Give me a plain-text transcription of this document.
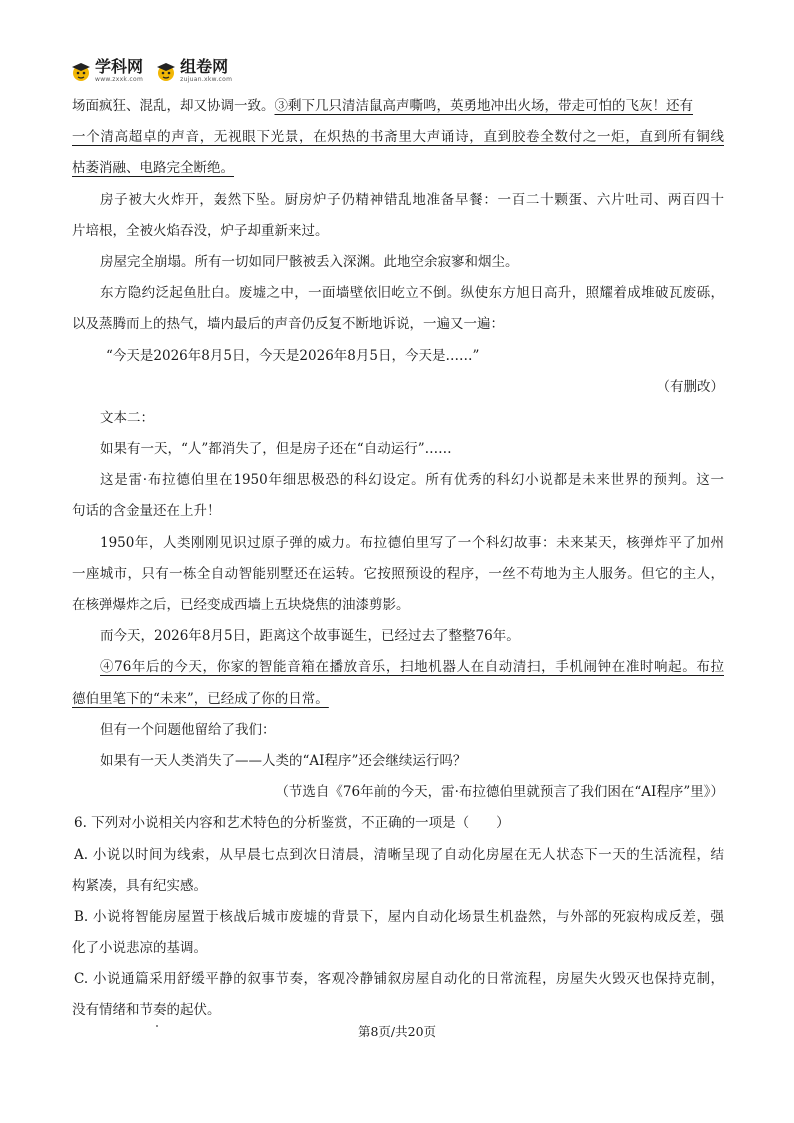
学科网
www.zxxk.com
组卷网
zujuan.xkw.com
场面疯狂、混乱，却又协调一致。③剩下几只清洁鼠高声嘶鸣，英勇地冲出火场，带走可怕的飞灰！还有
一个清高超卓的声音，无视眼下光景，在炽热的书斋里大声诵诗，直到胶卷全数付之一炬，直到所有铜线
枯萎消融、电路完全断绝。
房子被大火炸开，轰然下坠。厨房炉子仍精神错乱地准备早餐：一百二十颗蛋、六片吐司、两百四十
片培根，全被火焰吞没，炉子却重新来过。
房屋完全崩塌。所有一切如同尸骸被丢入深渊。此地空余寂寥和烟尘。
东方隐约泛起鱼肚白。废墟之中，一面墙壁依旧屹立不倒。纵使东方旭日高升，照耀着成堆破瓦废砾，
以及蒸腾而上的热气，墙内最后的声音仍反复不断地诉说，一遍又一遍：
“今天是2026年8月5日，今天是2026年8月5日，今天是……”
（有删改）
文本二：
如果有一天，“人”都消失了，但是房子还在“自动运行”……
这是雷·布拉德伯里在1950年细思极恐的科幻设定。所有优秀的科幻小说都是未来世界的预判。这一
句话的含金量还在上升！
1950年，人类刚刚见识过原子弹的威力。布拉德伯里写了一个科幻故事：未来某天，核弹炸平了加州
一座城市，只有一栋全自动智能别墅还在运转。它按照预设的程序，一丝不苟地为主人服务。但它的主人，
在核弹爆炸之后，已经变成西墙上五块烧焦的油漆剪影。
而今天，2026年8月5日，距离这个故事诞生，已经过去了整整76年。
④76年后的今天，你家的智能音箱在播放音乐，扫地机器人在自动清扫，手机闹钟在准时响起。布拉
德伯里笔下的“未来”，已经成了你的日常。
但有一个问题他留给了我们：
如果有一天人类消失了——人类的“AI程序”还会继续运行吗？
（节选自《76年前的今天，雷·布拉德伯里就预言了我们困在“AI程序”里》）
6. 下列对小说相关内容和艺术特色的分析鉴赏，不正确的一项是（　　）
A. 小说以时间为线索，从早晨七点到次日清晨，清晰呈现了自动化房屋在无人状态下一天的生活流程，结
构紧凑，具有纪实感。
B. 小说将智能房屋置于核战后城市废墟的背景下，屋内自动化场景生机盎然，与外部的死寂构成反差，强
化了小说悲凉的基调。
C. 小说通篇采用舒缓平静的叙事节奏，客观冷静铺叙房屋自动化的日常流程，房屋失火毁灭也保持克制，
没有情绪和节奏的起伏。
第8页/共20页
